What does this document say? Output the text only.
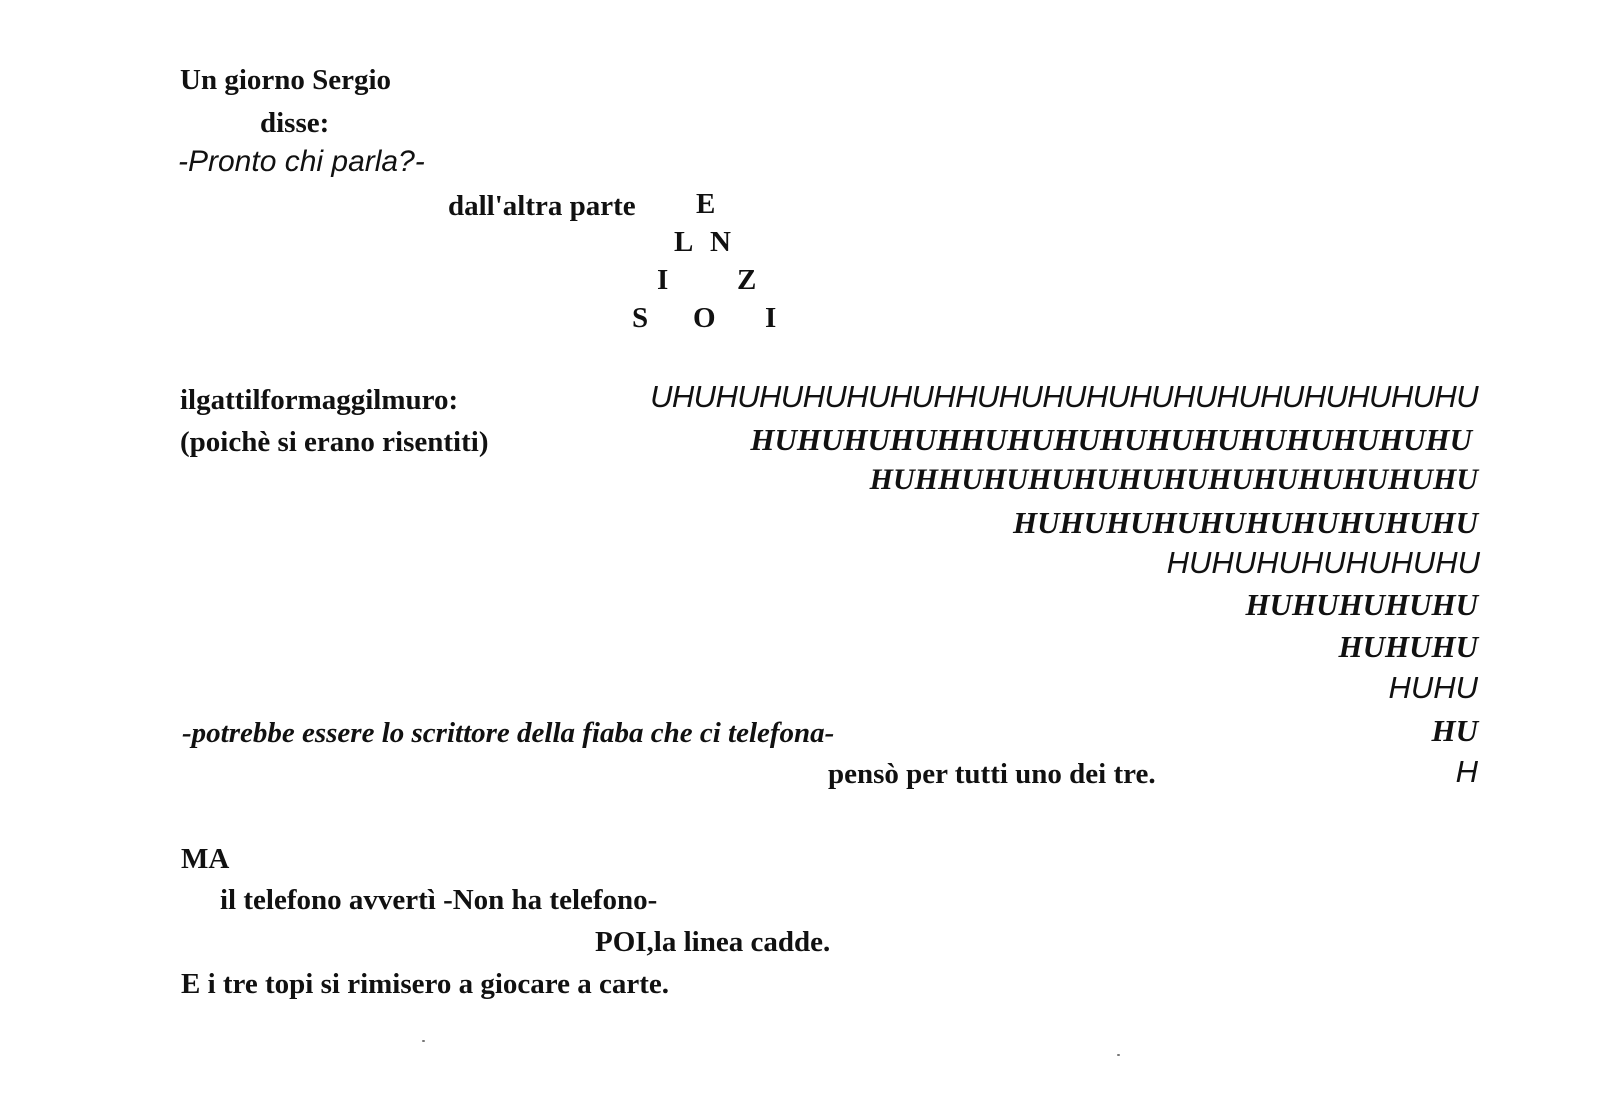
Un giorno Sergio
disse:
-Pronto chi parla?-
dall'altra parte E
L N
I Z
S O I
ilgattilformaggilmuro:
(poichè si erano risentiti)
UHUHUHUHUHUHUHHUHUHUHUHUHUHUHUHUHUHUHU
HUHUHUHUHHUHUHUHUHUHUHUHUHUHUHU
HUHHUHUHUHUHUHUHUHUHUHUHUHU
HUHUHUHUHUHUHUHUHUHU
HUHUHUHUHUHUHU
HUHUHUHUHU
HUHUHU
HUHU
HU
H
-potrebbe essere lo scrittore della fiaba che ci telefona-
pensò per tutti uno dei tre.
MA
il telefono avvertì -Non ha telefono-
POI,la linea cadde.
E i tre topi si rimisero a giocare a carte.
